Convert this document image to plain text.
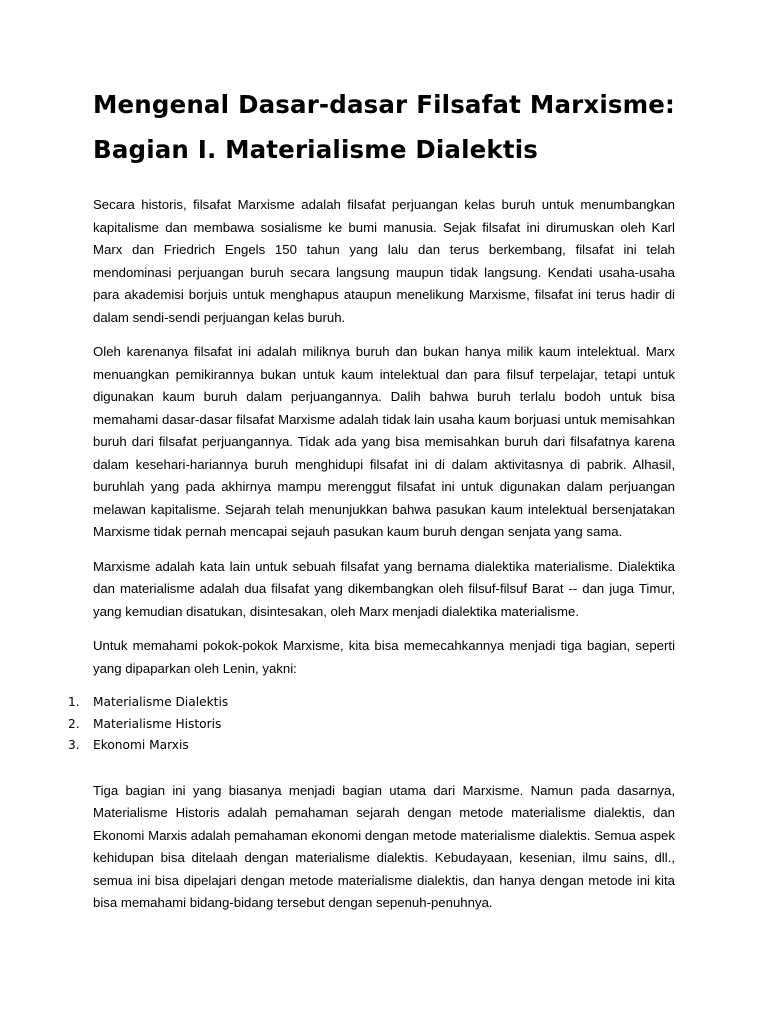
Mengenal Dasar-dasar Filsafat Marxisme: Bagian I. Materialisme Dialektis

Secara historis, filsafat Marxisme adalah filsafat perjuangan kelas buruh untuk menumbangkan kapitalisme dan membawa sosialisme ke bumi manusia. Sejak filsafat ini dirumuskan oleh Karl Marx dan Friedrich Engels 150 tahun yang lalu dan terus berkembang, filsafat ini telah mendominasi perjuangan buruh secara langsung maupun tidak langsung. Kendati usaha-usaha para akademisi borjuis untuk menghapus ataupun menelikung Marxisme, filsafat ini terus hadir di dalam sendi-sendi perjuangan kelas buruh.

Oleh karenanya filsafat ini adalah miliknya buruh dan bukan hanya milik kaum intelektual. Marx menuangkan pemikirannya bukan untuk kaum intelektual dan para filsuf terpelajar, tetapi untuk digunakan kaum buruh dalam perjuangannya. Dalih bahwa buruh terlalu bodoh untuk bisa memahami dasar-dasar filsafat Marxisme adalah tidak lain usaha kaum borjuasi untuk memisahkan buruh dari filsafat perjuangannya. Tidak ada yang bisa memisahkan buruh dari filsafatnya karena dalam kesehari-hariannya buruh menghidupi filsafat ini di dalam aktivitasnya di pabrik. Alhasil, buruhlah yang pada akhirnya mampu merenggut filsafat ini untuk digunakan dalam perjuangan melawan kapitalisme. Sejarah telah menunjukkan bahwa pasukan kaum intelektual bersenjatakan Marxisme tidak pernah mencapai sejauh pasukan kaum buruh dengan senjata yang sama.

Marxisme adalah kata lain untuk sebuah filsafat yang bernama dialektika materialisme. Dialektika dan materialisme adalah dua filsafat yang dikembangkan oleh filsuf-filsuf Barat -- dan juga Timur, yang kemudian disatukan, disintesakan, oleh Marx menjadi dialektika materialisme.

Untuk memahami pokok-pokok Marxisme, kita bisa memecahkannya menjadi tiga bagian, seperti yang dipaparkan oleh Lenin, yakni:

1.	Materialisme Dialektis
2.	Materialisme Historis
3.	Ekonomi Marxis

Tiga bagian ini yang biasanya menjadi bagian utama dari Marxisme. Namun pada dasarnya, Materialisme Historis adalah pemahaman sejarah dengan metode materialisme dialektis, dan Ekonomi Marxis adalah pemahaman ekonomi dengan metode materialisme dialektis. Semua aspek kehidupan bisa ditelaah dengan materialisme dialektis. Kebudayaan, kesenian, ilmu sains, dll., semua ini bisa dipelajari dengan metode materialisme dialektis, dan hanya dengan metode ini kita bisa memahami bidang-bidang tersebut dengan sepenuh-penuhnya.
